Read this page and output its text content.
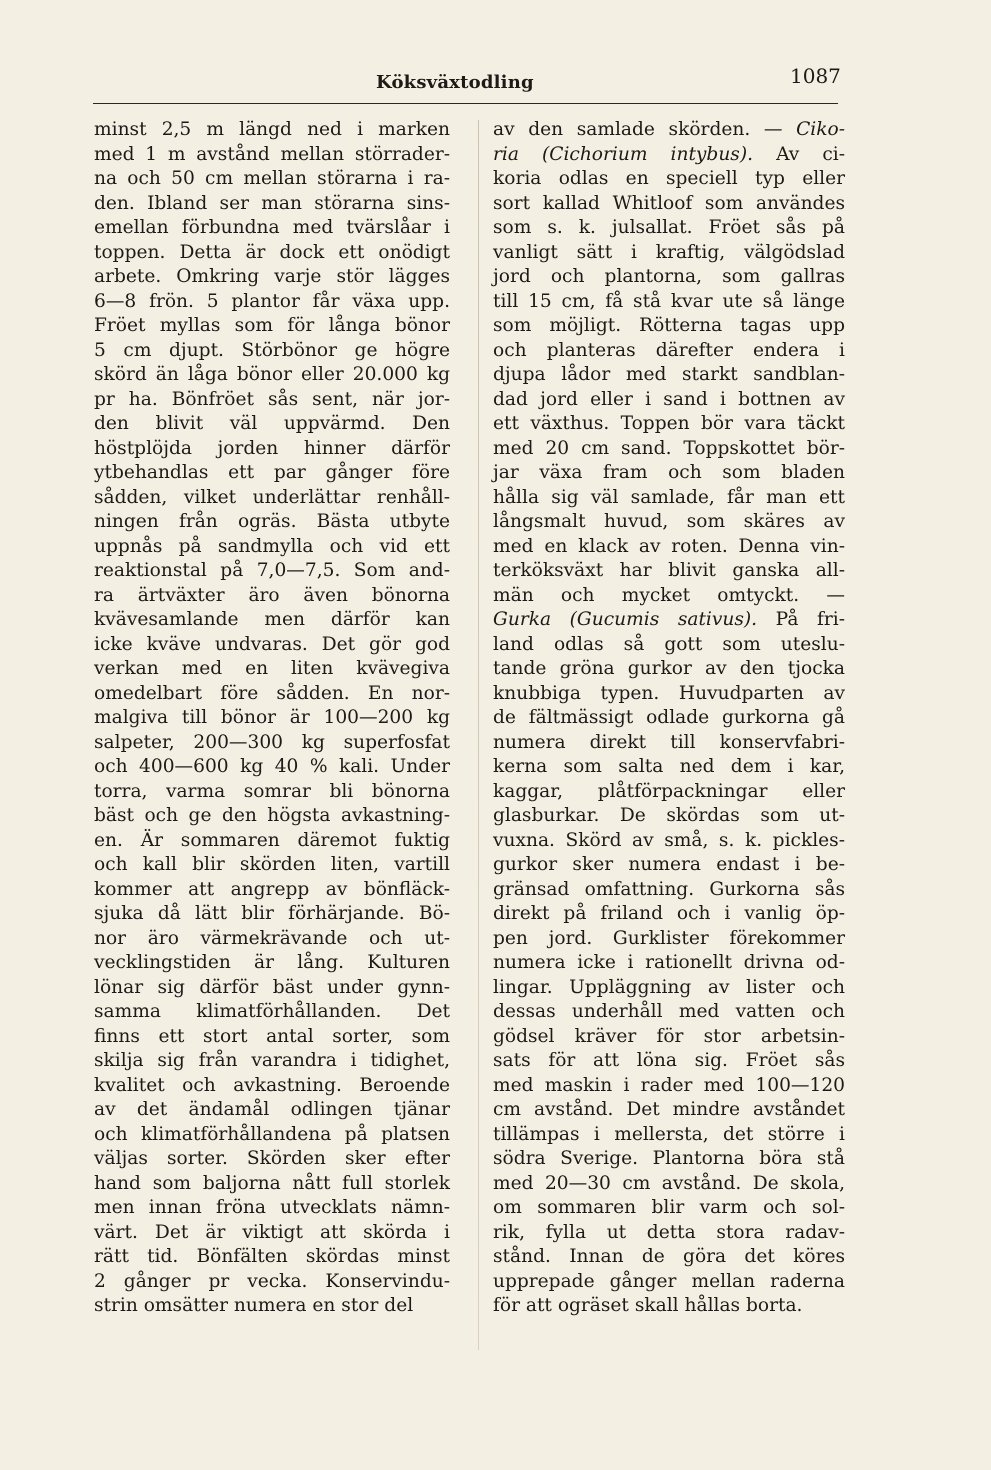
Köksväxtodling	1087
minst 2,5 m längd ned i marken
med 1 m avstånd mellan störrader-
na och 50 cm mellan störarna i ra-
den. Ibland ser man störarna sins-
emellan förbundna med tvärslåar i
toppen. Detta är dock ett onödigt
arbete. Omkring varje stör lägges
6—8 frön. 5 plantor får växa upp.
Fröet myllas som för långa bönor
5 cm djupt. Störbönor ge högre
skörd än låga bönor eller 20.000 kg
pr ha. Bönfröet sås sent, när jor-
den blivit väl uppvärmd. Den
höstplöjda jorden hinner därför
ytbehandlas ett par gånger före
sådden, vilket underlättar renhåll-
ningen från ogräs. Bästa utbyte
uppnås på sandmylla och vid ett
reaktionstal på 7,0—7,5. Som and-
ra ärtväxter äro även bönorna
kvävesamlande men därför kan
icke kväve undvaras. Det gör god
verkan med en liten kvävegiva
omedelbart före sådden. En nor-
malgiva till bönor är 100—200 kg
salpeter, 200—300 kg superfosfat
och 400—600 kg 40 % kali. Under
torra, varma somrar bli bönorna
bäst och ge den högsta avkastning-
en. Är sommaren däremot fuktig
och kall blir skörden liten, vartill
kommer att angrepp av bönfläck-
sjuka då lätt blir förhärjande. Bö-
nor äro värmekrävande och ut-
vecklingstiden är lång. Kulturen
lönar sig därför bäst under gynn-
samma klimatförhållanden. Det
finns ett stort antal sorter, som
skilja sig från varandra i tidighet,
kvalitet och avkastning. Beroende
av det ändamål odlingen tjänar
och klimatförhållandena på platsen
väljas sorter. Skörden sker efter
hand som baljorna nått full storlek
men innan fröna utvecklats nämn-
värt. Det är viktigt att skörda i
rätt tid. Bönfälten skördas minst
2 gånger pr vecka. Konservindu-
strin omsätter numera en stor del
av den samlade skörden. — Ciko-
ria (Cichorium intybus). Av ci-
koria odlas en speciell typ eller
sort kallad Whitloof som användes
som s. k. julsallat. Fröet sås på
vanligt sätt i kraftig, välgödslad
jord och plantorna, som gallras
till 15 cm, få stå kvar ute så länge
som möjligt. Rötterna tagas upp
och planteras därefter endera i
djupa lådor med starkt sandblan-
dad jord eller i sand i bottnen av
ett växthus. Toppen bör vara täckt
med 20 cm sand. Toppskottet bör-
jar växa fram och som bladen
hålla sig väl samlade, får man ett
långsmalt huvud, som skäres av
med en klack av roten. Denna vin-
terköksväxt har blivit ganska all-
män och mycket omtyckt. —
Gurka (Gucumis sativus). På fri-
land odlas så gott som uteslu-
tande gröna gurkor av den tjocka
knubbiga typen. Huvudparten av
de fältmässigt odlade gurkorna gå
numera direkt till konservfabri-
kerna som salta ned dem i kar,
kaggar, plåtförpackningar eller
glasburkar. De skördas som ut-
vuxna. Skörd av små, s. k. pickles-
gurkor sker numera endast i be-
gränsad omfattning. Gurkorna sås
direkt på friland och i vanlig öp-
pen jord. Gurklister förekommer
numera icke i rationellt drivna od-
lingar. Uppläggning av lister och
dessas underhåll med vatten och
gödsel kräver för stor arbetsin-
sats för att löna sig. Fröet sås
med maskin i rader med 100—120
cm avstånd. Det mindre avståndet
tillämpas i mellersta, det större i
södra Sverige. Plantorna böra stå
med 20—30 cm avstånd. De skola,
om sommaren blir varm och sol-
rik, fylla ut detta stora radav-
stånd. Innan de göra det köres
upprepade gånger mellan raderna
för att ogräset skall hållas borta.
